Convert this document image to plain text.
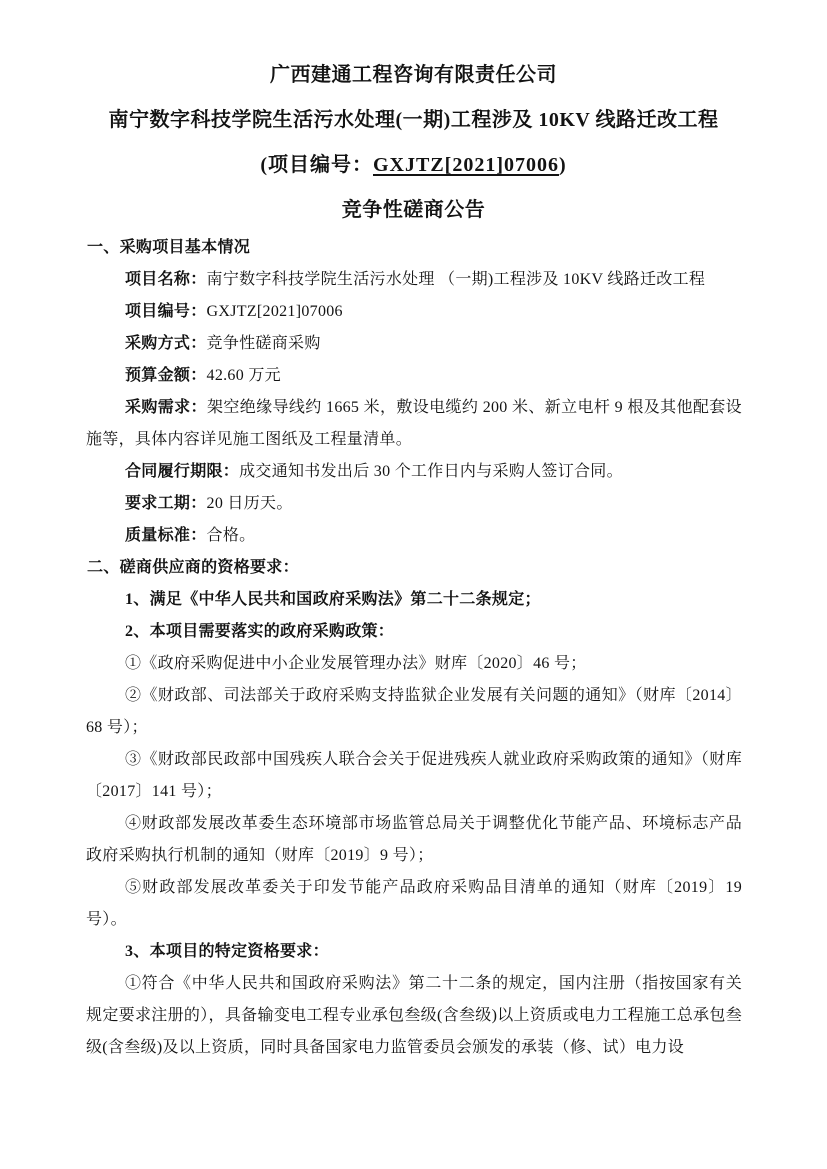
广西建通工程咨询有限责任公司
南宁数字科技学院生活污水处理(一期)工程涉及 10KV 线路迁改工程
(项目编号：GXJTZ[2021]07006)
竞争性磋商公告

一、采购项目基本情况

项目名称：南宁数字科技学院生活污水处理 （一期)工程涉及 10KV 线路迁改工程

项目编号：GXJTZ[2021]07006

采购方式：竞争性磋商采购

预算金额：42.60 万元

采购需求：架空绝缘导线约 1665 米，敷设电缆约 200 米、新立电杆 9 根及其他配套设施等，具体内容详见施工图纸及工程量清单。

合同履行期限：成交通知书发出后 30 个工作日内与采购人签订合同。

要求工期：20 日历天。

质量标准：合格。

二、磋商供应商的资格要求：

1、满足《中华人民共和国政府采购法》第二十二条规定；

2、本项目需要落实的政府采购政策：

①《政府采购促进中小企业发展管理办法》财库〔2020〕46 号；

②《财政部、司法部关于政府采购支持监狱企业发展有关问题的通知》（财库〔2014〕68 号）；

③《财政部民政部中国残疾人联合会关于促进残疾人就业政府采购政策的通知》（财库〔2017〕141 号）；

④财政部发展改革委生态环境部市场监管总局关于调整优化节能产品、环境标志产品政府采购执行机制的通知（财库〔2019〕9 号）；

⑤财政部发展改革委关于印发节能产品政府采购品目清单的通知（财库〔2019〕19 号）。

3、本项目的特定资格要求：

①符合《中华人民共和国政府采购法》第二十二条的规定，国内注册（指按国家有关规定要求注册的），具备输变电工程专业承包叁级(含叁级)以上资质或电力工程施工总承包叁级(含叁级)及以上资质，同时具备国家电力监管委员会颁发的承装（修、试）电力设
